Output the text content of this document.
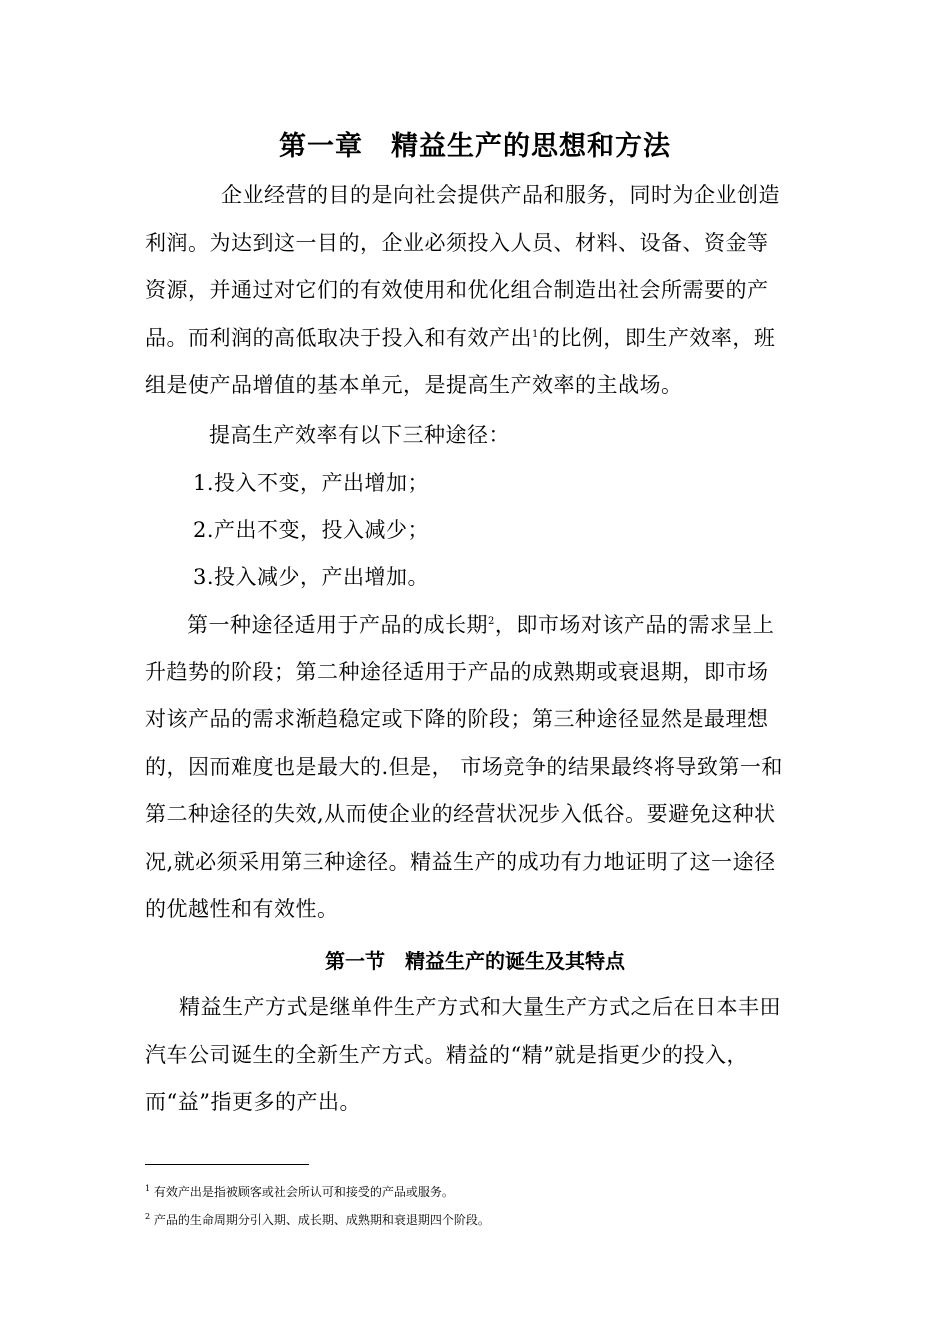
第一章　精益生产的思想和方法
企业经营的目的是向社会提供产品和服务，同时为企业创造
利润。为达到这一目的，企业必须投入人员、材料、设备、资金等
资源，并通过对它们的有效使用和优化组合制造出社会所需要的产
品。而利润的高低取决于投入和有效产出$^1$的比例，即生产效率，班
组是使产品增值的基本单元，是提高生产效率的主战场。
提高生产效率有以下三种途径：
1.投入不变，产出增加；
2.产出不变，投入减少；
3.投入减少，产出增加。
第一种途径适用于产品的成长期$^2$，即市场对该产品的需求呈上
升趋势的阶段；第二种途径适用于产品的成熟期或衰退期，即市场
对该产品的需求渐趋稳定或下降的阶段；第三种途径显然是最理想
的，因而难度也是最大的.但是， 市场竞争的结果最终将导致第一和
第二种途径的失效,从而使企业的经营状况步入低谷。要避免这种状
况,就必须采用第三种途径。精益生产的成功有力地证明了这一途径
的优越性和有效性。
第一节　精益生产的诞生及其特点
精益生产方式是继单件生产方式和大量生产方式之后在日本丰田
汽车公司诞生的全新生产方式。精益的“精”就是指更少的投入，
而“益”指更多的产出。
$^1$ 有效产出是指被顾客或社会所认可和接受的产品或服务。
$^2$ 产品的生命周期分引入期、成长期、成熟期和衰退期四个阶段。
